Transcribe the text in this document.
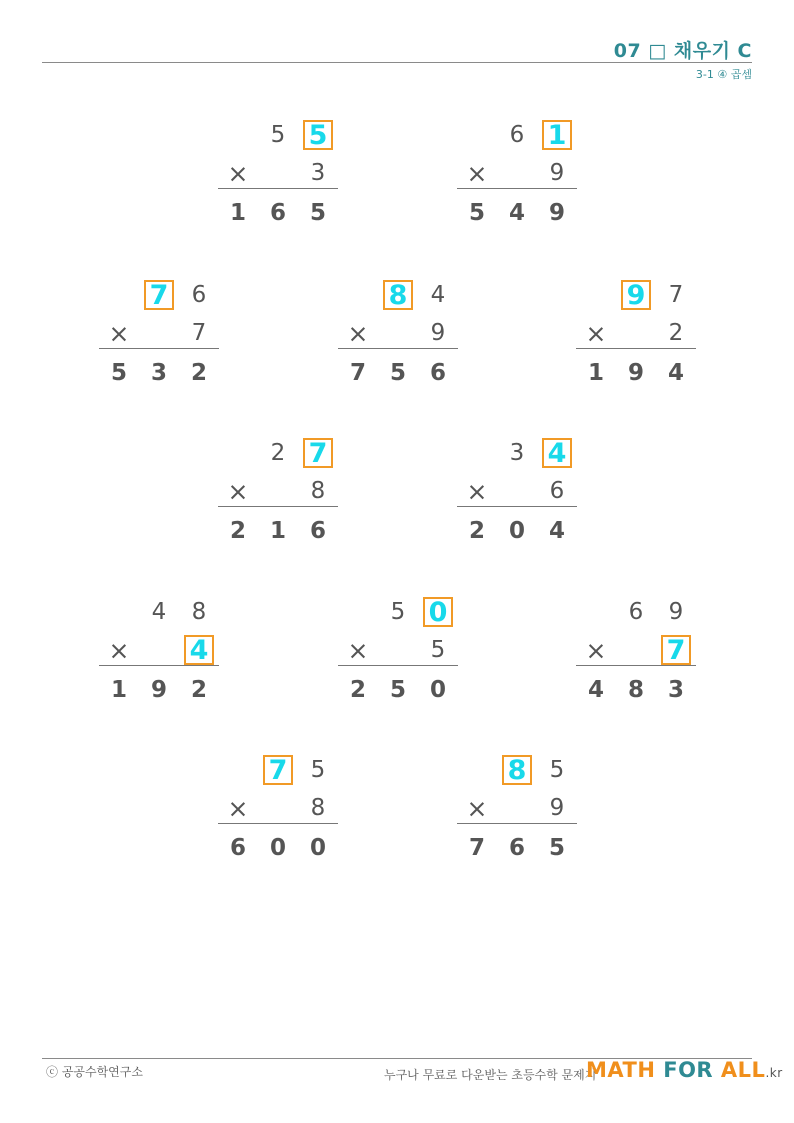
07 □ 채우기 C
3-1 ④ 곱셈
5 5
×	3
1	6	5
6 1
×	9
5	4	9
7	6
×	7
5	3	2
8	4
×	9
7	5	6
9	7
×	2
1	9	4
2 7
×	8
2	1	6
3 4
×	6
2	0	4
4	8
× 4
1	9	2
5 0
×	5
2	5	0
6	9
× 7
4	8	3
7	5
×	8
6	0	0
8	5
×	9
7	6	5
ⓒ 공공수학연구소	누구나 무료로 다운받는 초등수학 문제지
MATH FOR ALL.kr
